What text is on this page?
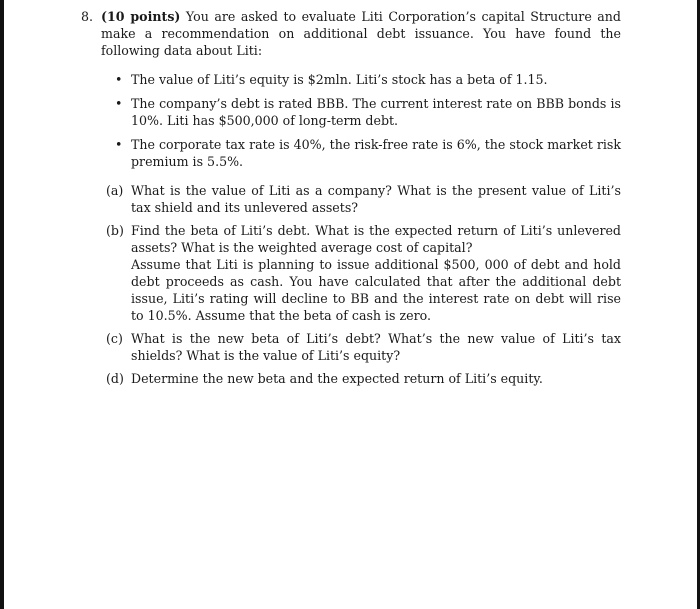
8. (10 points) You are asked to evaluate Liti Corporation’s capital Structure and make a recommendation on additional debt issuance. You have found the following data about Liti:
• The value of Liti’s equity is $2mln. Liti’s stock has a beta of 1.15.
• The company’s debt is rated BBB. The current interest rate on BBB bonds is 10%. Liti has $500,000 of long-term debt.
• The corporate tax rate is 40%, the risk-free rate is 6%, the stock market risk premium is 5.5%.
(a) What is the value of Liti as a company? What is the present value of Liti’s tax shield and its unlevered assets?
(b) Find the beta of Liti’s debt. What is the expected return of Liti’s unlevered assets? What is the weighted average cost of capital?
Assume that Liti is planning to issue additional $500, 000 of debt and hold debt proceeds as cash. You have calculated that after the additional debt issue, Liti’s rating will decline to BB and the interest rate on debt will rise to 10.5%. Assume that the beta of cash is zero.
(c) What is the new beta of Liti’s debt? What’s the new value of Liti’s tax shields? What is the value of Liti’s equity?
(d) Determine the new beta and the expected return of Liti’s equity.
